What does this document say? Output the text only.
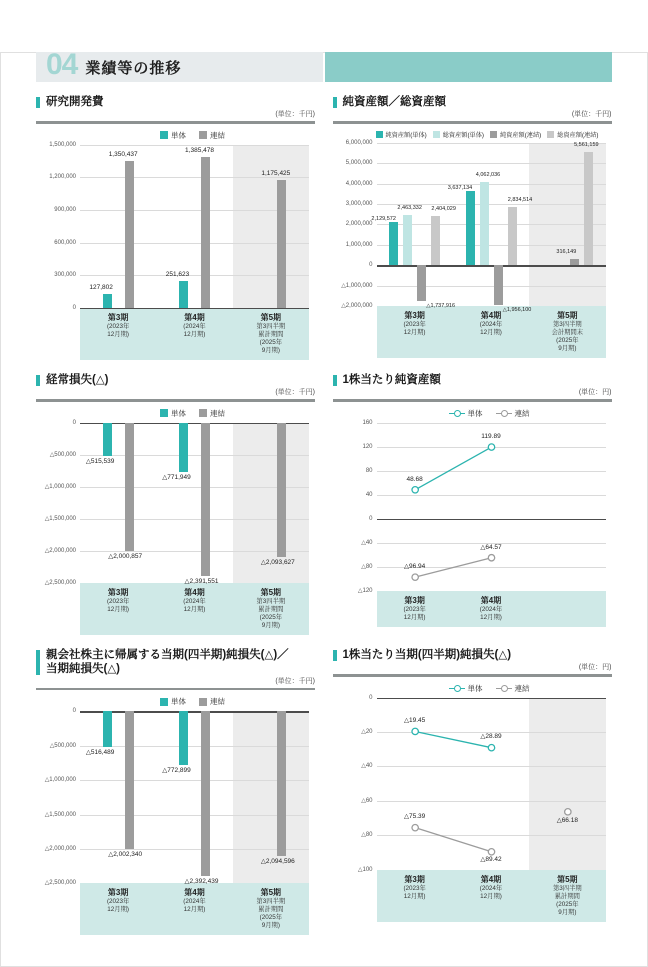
04 業績等の推移
研究開発費
(単位：千円)
単体	連結
127,802
251,623
1,350,437
1,385,478
1,175,425
1,500,000
1,200,000
900,000
600,000
300,000
0
第3期
(2023年
12月期)
第4期
(2024年
12月期)
第5期
第3四半期
累計期間
(2025年
9月期)
純資産額／総資産額
(単位：千円)
純資産額(単体)	総資産額(単体)	純資産額(連結)	総資産額(連結)
2,129,572
3,637,134
2,463,332
4,062,036
△1,737,916
△1,956,100
316,149
2,404,029
2,834,514
5,561,159
6,000,000
5,000,000
4,000,000
3,000,000
2,000,000
1,000,000
0
△1,000,000
△2,000,000
第3期
(2023年
12月期)
第4期
(2024年
12月期)
第5期
第3四半期
会計期間末
(2025年
9月期)
経常損失(△)
(単位：千円)
単体	連結
△515,539
△771,949
△2,000,857
△2,391,551
△2,093,627
0
△500,000
△1,000,000
△1,500,000
△2,000,000
△2,500,000
第3期
(2023年
12月期)
第4期
(2024年
12月期)
第5期
第3四半期
累計期間
(2025年
9月期)
1株当たり純資産額
(単位：円)
単体	連結
48.68
119.89
△96.94
△64.57
160
120
80
40
0
△40
△80
△120
第3期
(2023年
12月期)
第4期
(2024年
12月期)
親会社株主に帰属する当期(四半期)純損失(△)／
当期純損失(△)
(単位：千円)
単体	連結
△516,489
△772,899
△2,002,340
△2,392,439
△2,094,596
0
△500,000
△1,000,000
△1,500,000
△2,000,000
△2,500,000
第3期
(2023年
12月期)
第4期
(2024年
12月期)
第5期
第3四半期
累計期間
(2025年
9月期)
1株当たり当期(四半期)純損失(△)
(単位：円)
単体	連結
△19.45
△28.89
△75.39
△89.42
△66.18
0
△20
△40
△60
△80
△100
第3期
(2023年
12月期)
第4期
(2024年
12月期)
第5期
第3四半期
累計期間
(2025年
9月期)
